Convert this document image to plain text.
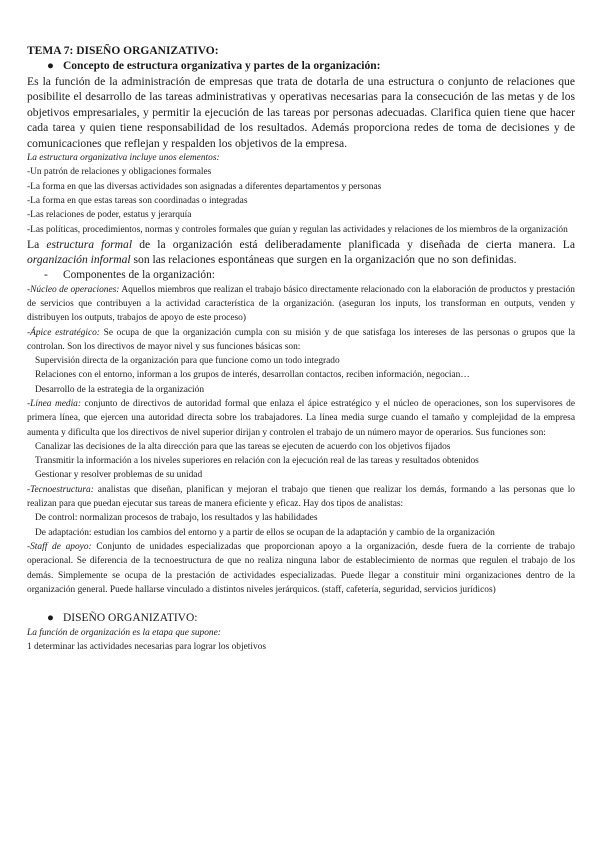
TEMA 7: DISEÑO ORGANIZATIVO:

● Concepto de estructura organizativa y partes de la organización:

Es la función de la administración de empresas que trata de dotarla de una estructura o conjunto de relaciones que posibilite el desarrollo de las tareas administrativas y operativas necesarias para la consecución de las metas y de los objetivos empresariales, y permitir la ejecución de las tareas por personas adecuadas. Clarifica quien tiene que hacer cada tarea y quien tiene responsabilidad de los resultados. Además proporciona redes de toma de decisiones y de comunicaciones que reflejan y respalden los objetivos de la empresa.

La estructura organizativa incluye unos elementos:

-Un patrón de relaciones y obligaciones formales

-La forma en que las diversas actividades son asignadas a diferentes departamentos y personas

-La forma en que estas tareas son coordinadas o integradas

-Las relaciones de poder, estatus y jerarquía

-Las políticas, procedimientos, normas y controles formales que guían y regulan las actividades y relaciones de los miembros de la organización

La estructura formal de la organización está deliberadamente planificada y diseñada de cierta manera. La organización informal son las relaciones espontáneas que surgen en la organización que no son definidas.

- Componentes de la organización:

-Núcleo de operaciones: Aquellos miembros que realizan el trabajo básico directamente relacionado con la elaboración de productos y prestación de servicios que contribuyen a la actividad característica de la organización. (aseguran los inputs, los transforman en outputs, venden y distribuyen los outputs, trabajos de apoyo de este proceso)

-Ápice estratégico: Se ocupa de que la organización cumpla con su misión y de que satisfaga los intereses de las personas o grupos que la controlan. Son los directivos de mayor nivel y sus funciones básicas son:

Supervisión directa de la organización para que funcione como un todo integrado

Relaciones con el entorno, informan a los grupos de interés, desarrollan contactos, reciben información, negocian…

Desarrollo de la estrategia de la organización

-Línea media: conjunto de directivos de autoridad formal que enlaza el ápice estratégico y el núcleo de operaciones, son los supervisores de primera línea, que ejercen una autoridad directa sobre los trabajadores. La línea media surge cuando el tamaño y complejidad de la empresa aumenta y dificulta que los directivos de nivel superior dirijan y controlen el trabajo de un número mayor de operarios. Sus funciones son:

Canalizar las decisiones de la alta dirección para que las tareas se ejecuten de acuerdo con los objetivos fijados

Transmitir la información a los niveles superiores en relación con la ejecución real de las tareas y resultados obtenidos

Gestionar y resolver problemas de su unidad

-Tecnoestructura: analistas que diseñan, planifican y mejoran el trabajo que tienen que realizar los demás, formando a las personas que lo realizan para que puedan ejecutar sus tareas de manera eficiente y eficaz. Hay dos tipos de analistas:

De control: normalizan procesos de trabajo, los resultados y las habilidades

De adaptación: estudian los cambios del entorno y a partir de ellos se ocupan de la adaptación y cambio de la organización

-Staff de apoyo: Conjunto de unidades especializadas que proporcionan apoyo a la organización, desde fuera de la corriente de trabajo operacional. Se diferencia de la tecnoestructura de que no realiza ninguna labor de establecimiento de normas que regulen el trabajo de los demás. Simplemente se ocupa de la prestación de actividades especializadas. Puede llegar a constituir mini organizaciones dentro de la organización general. Puede hallarse vinculado a distintos niveles jerárquicos. (staff, cafetería, seguridad, servicios jurídicos)

● DISEÑO ORGANIZATIVO:

La función de organización es la etapa que supone:

1 determinar las actividades necesarias para lograr los objetivos
